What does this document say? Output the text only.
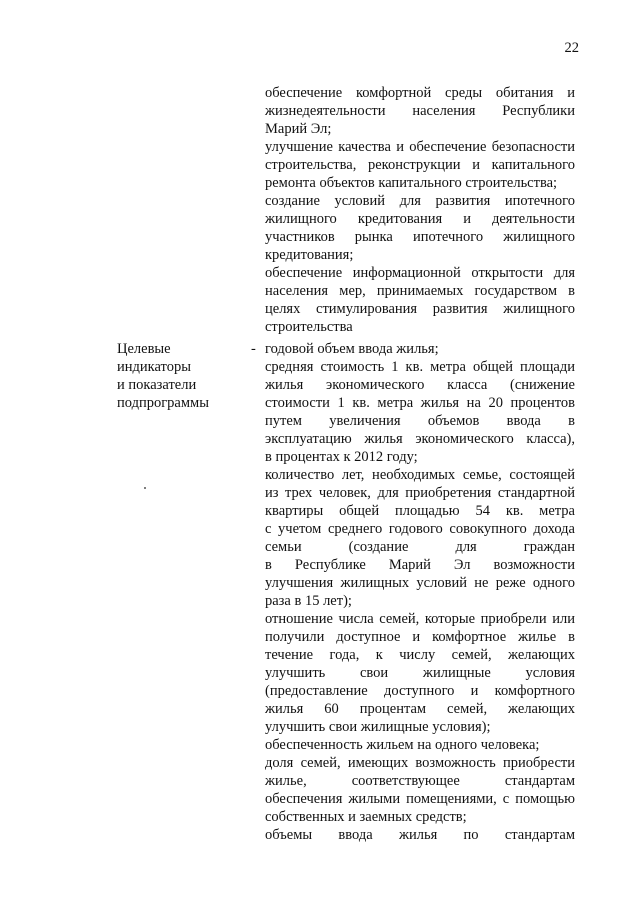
22
обеспечение комфортной среды обитания и
жизнедеятельности населения Республики
Марий Эл;
улучшение качества и обеспечение безопасности
строительства, реконструкции и капитального
ремонта объектов капитального строительства;
создание условий для развития ипотечного
жилищного кредитования и деятельности
участников рынка ипотечного жилищного
кредитования;
обеспечение информационной открытости для
населения мер, принимаемых государством в
целях стимулирования развития жилищного
строительства
Целевые
индикаторы
и показатели
подпрограммы
- годовой объем ввода жилья;
средняя стоимость 1 кв. метра общей площади
жилья экономического класса (снижение
стоимости 1 кв. метра жилья на 20 процентов
путем увеличения объемов ввода в
эксплуатацию жилья экономического класса),
в процентах к 2012 году;
количество лет, необходимых семье, состоящей
из трех человек, для приобретения стандартной
квартиры общей площадью 54 кв. метра
с учетом среднего годового совокупного дохода
семьи (создание для граждан
в Республике Марий Эл возможности
улучшения жилищных условий не реже одного
раза в 15 лет);
отношение числа семей, которые приобрели или
получили доступное и комфортное жилье в
течение года, к числу семей, желающих
улучшить свои жилищные условия
(предоставление доступного и комфортного
жилья 60 процентам семей, желающих
улучшить свои жилищные условия);
обеспеченность жильем на одного человека;
доля семей, имеющих возможность приобрести
жилье, соответствующее стандартам
обеспечения жилыми помещениями, с помощью
собственных и заемных средств;
объемы ввода жилья по стандартам
